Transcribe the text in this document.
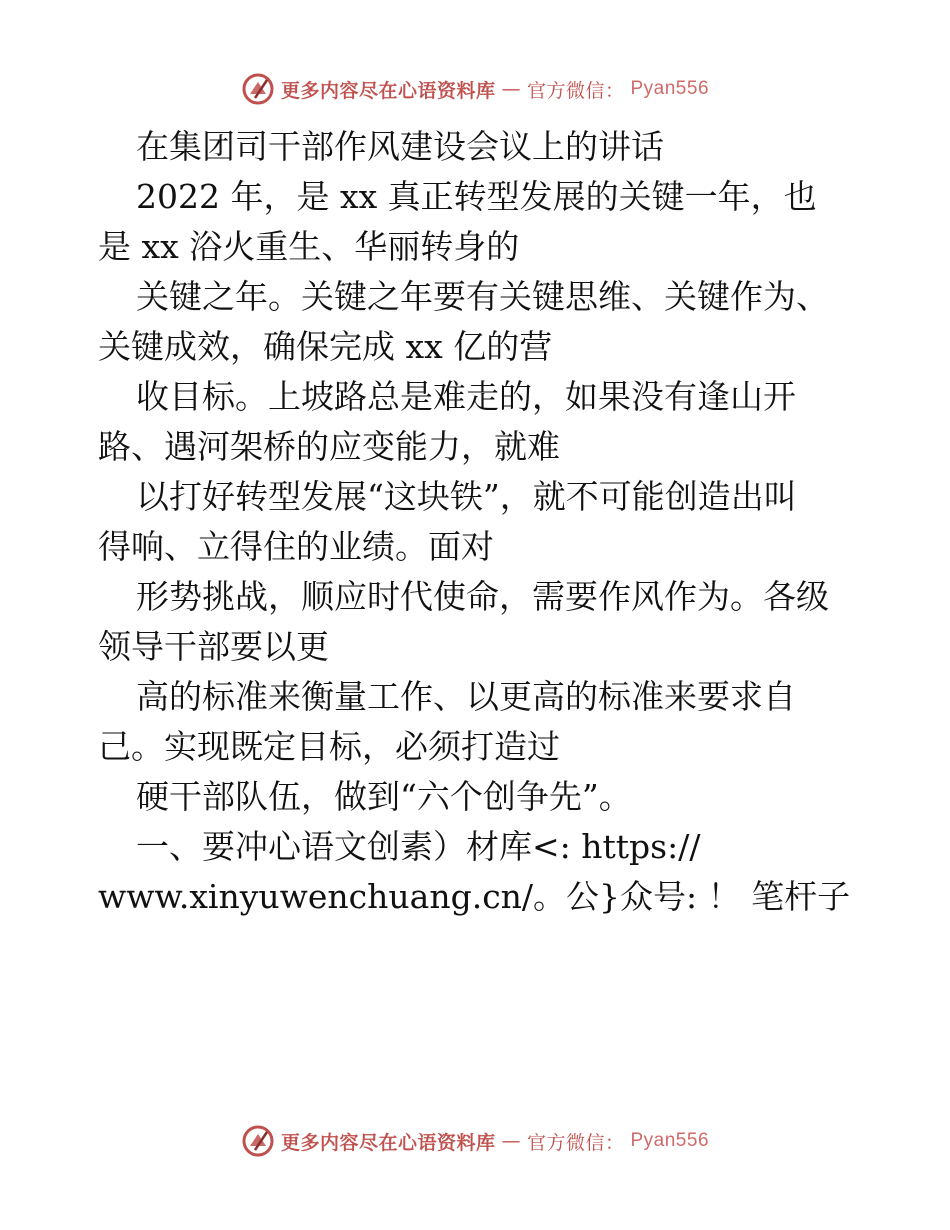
更多内容尽在心语资料库 — 官方微信： Pyan556
在集团司干部作风建设会议上的讲话
2022 年，是 xx 真正转型发展的关键一年，也
是 xx 浴火重生、华丽转身的
关键之年。关键之年要有关键思维、关键作为、
关键成效，确保完成 xx 亿的营
收目标。上坡路总是难走的，如果没有逢山开
路、遇河架桥的应变能力，就难
以打好转型发展“这块铁”，就不可能创造出叫
得响、立得住的业绩。面对
形势挑战，顺应时代使命，需要作风作为。各级
领导干部要以更
高的标准来衡量工作、以更高的标准来要求自
己。实现既定目标，必须打造过
硬干部队伍，做到“六个创争先”。
一、要冲心语文创素）材库<: https://
www.xinyuwenchuang.cn/。公}众号: ！ 笔杆子
更多内容尽在心语资料库 — 官方微信： Pyan556
